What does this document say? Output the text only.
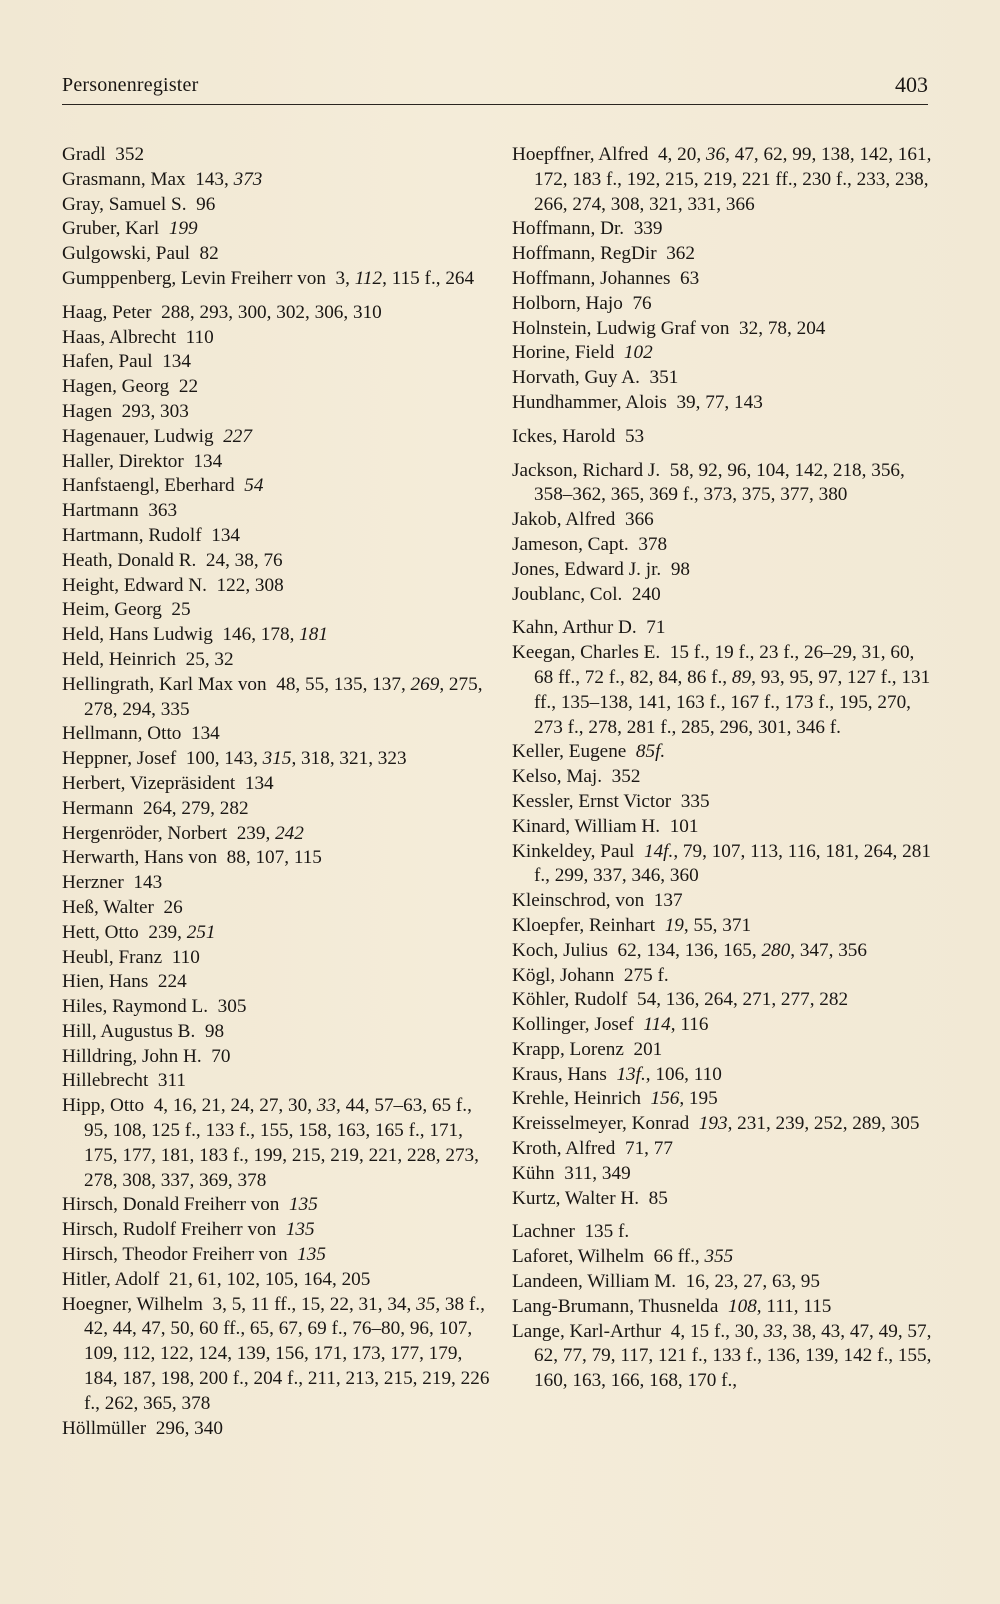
Personenregister	403
Gradl  352
Grasmann, Max  143, 373
Gray, Samuel S.  96
Gruber, Karl  199
Gulgowski, Paul  82
Gumppenberg, Levin Freiherr von  3, 112, 115 f., 264
Haag, Peter  288, 293, 300, 302, 306, 310
Haas, Albrecht  110
Hafen, Paul  134
Hagen, Georg  22
Hagen  293, 303
Hagenauer, Ludwig  227
Haller, Direktor  134
Hanfstaengl, Eberhard  54
Hartmann  363
Hartmann, Rudolf  134
Heath, Donald R.  24, 38, 76
Height, Edward N.  122, 308
Heim, Georg  25
Held, Hans Ludwig  146, 178, 181
Held, Heinrich  25, 32
Hellingrath, Karl Max von  48, 55, 135, 137, 269, 275, 278, 294, 335
Hellmann, Otto  134
Heppner, Josef  100, 143, 315, 318, 321, 323
Herbert, Vizepräsident  134
Hermann  264, 279, 282
Hergenröder, Norbert  239, 242
Herwarth, Hans von  88, 107, 115
Herzner  143
Heß, Walter  26
Hett, Otto  239, 251
Heubl, Franz  110
Hien, Hans  224
Hiles, Raymond L.  305
Hill, Augustus B.  98
Hilldring, John H.  70
Hillebrecht  311
Hipp, Otto  4, 16, 21, 24, 27, 30, 33, 44, 57–63, 65 f., 95, 108, 125 f., 133 f., 155, 158, 163, 165 f., 171, 175, 177, 181, 183 f., 199, 215, 219, 221, 228, 273, 278, 308, 337, 369, 378
Hirsch, Donald Freiherr von  135
Hirsch, Rudolf Freiherr von  135
Hirsch, Theodor Freiherr von  135
Hitler, Adolf  21, 61, 102, 105, 164, 205
Hoegner, Wilhelm  3, 5, 11 ff., 15, 22, 31, 34, 35, 38 f., 42, 44, 47, 50, 60 ff., 65, 67, 69 f., 76–80, 96, 107, 109, 112, 122, 124, 139, 156, 171, 173, 177, 179, 184, 187, 198, 200 f., 204 f., 211, 213, 215, 219, 226 f., 262, 365, 378
Höllmüller  296, 340
Hoepffner, Alfred  4, 20, 36, 47, 62, 99, 138, 142, 161, 172, 183 f., 192, 215, 219, 221 ff., 230 f., 233, 238, 266, 274, 308, 321, 331, 366
Hoffmann, Dr.  339
Hoffmann, RegDir  362
Hoffmann, Johannes  63
Holborn, Hajo  76
Holnstein, Ludwig Graf von  32, 78, 204
Horine, Field  102
Horvath, Guy A.  351
Hundhammer, Alois  39, 77, 143
Ickes, Harold  53
Jackson, Richard J.  58, 92, 96, 104, 142, 218, 356, 358–362, 365, 369 f., 373, 375, 377, 380
Jakob, Alfred  366
Jameson, Capt.  378
Jones, Edward J. jr.  98
Joublanc, Col.  240
Kahn, Arthur D.  71
Keegan, Charles E.  15 f., 19 f., 23 f., 26–29, 31, 60, 68 ff., 72 f., 82, 84, 86 f., 89, 93, 95, 97, 127 f., 131 ff., 135–138, 141, 163 f., 167 f., 173 f., 195, 270, 273 f., 278, 281 f., 285, 296, 301, 346 f.
Keller, Eugene  85f.
Kelso, Maj.  352
Kessler, Ernst Victor  335
Kinard, William H.  101
Kinkeldey, Paul  14f., 79, 107, 113, 116, 181, 264, 281 f., 299, 337, 346, 360
Kleinschrod, von  137
Kloepfer, Reinhart  19, 55, 371
Koch, Julius  62, 134, 136, 165, 280, 347, 356
Kögl, Johann  275 f.
Köhler, Rudolf  54, 136, 264, 271, 277, 282
Kollinger, Josef  114, 116
Krapp, Lorenz  201
Kraus, Hans  13f., 106, 110
Krehle, Heinrich  156, 195
Kreisselmeyer, Konrad  193, 231, 239, 252, 289, 305
Kroth, Alfred  71, 77
Kühn  311, 349
Kurtz, Walter H.  85
Lachner  135 f.
Laforet, Wilhelm  66 ff., 355
Landeen, William M.  16, 23, 27, 63, 95
Lang-Brumann, Thusnelda  108, 111, 115
Lange, Karl-Arthur  4, 15 f., 30, 33, 38, 43, 47, 49, 57, 62, 77, 79, 117, 121 f., 133 f., 136, 139, 142 f., 155, 160, 163, 166, 168, 170 f.,
